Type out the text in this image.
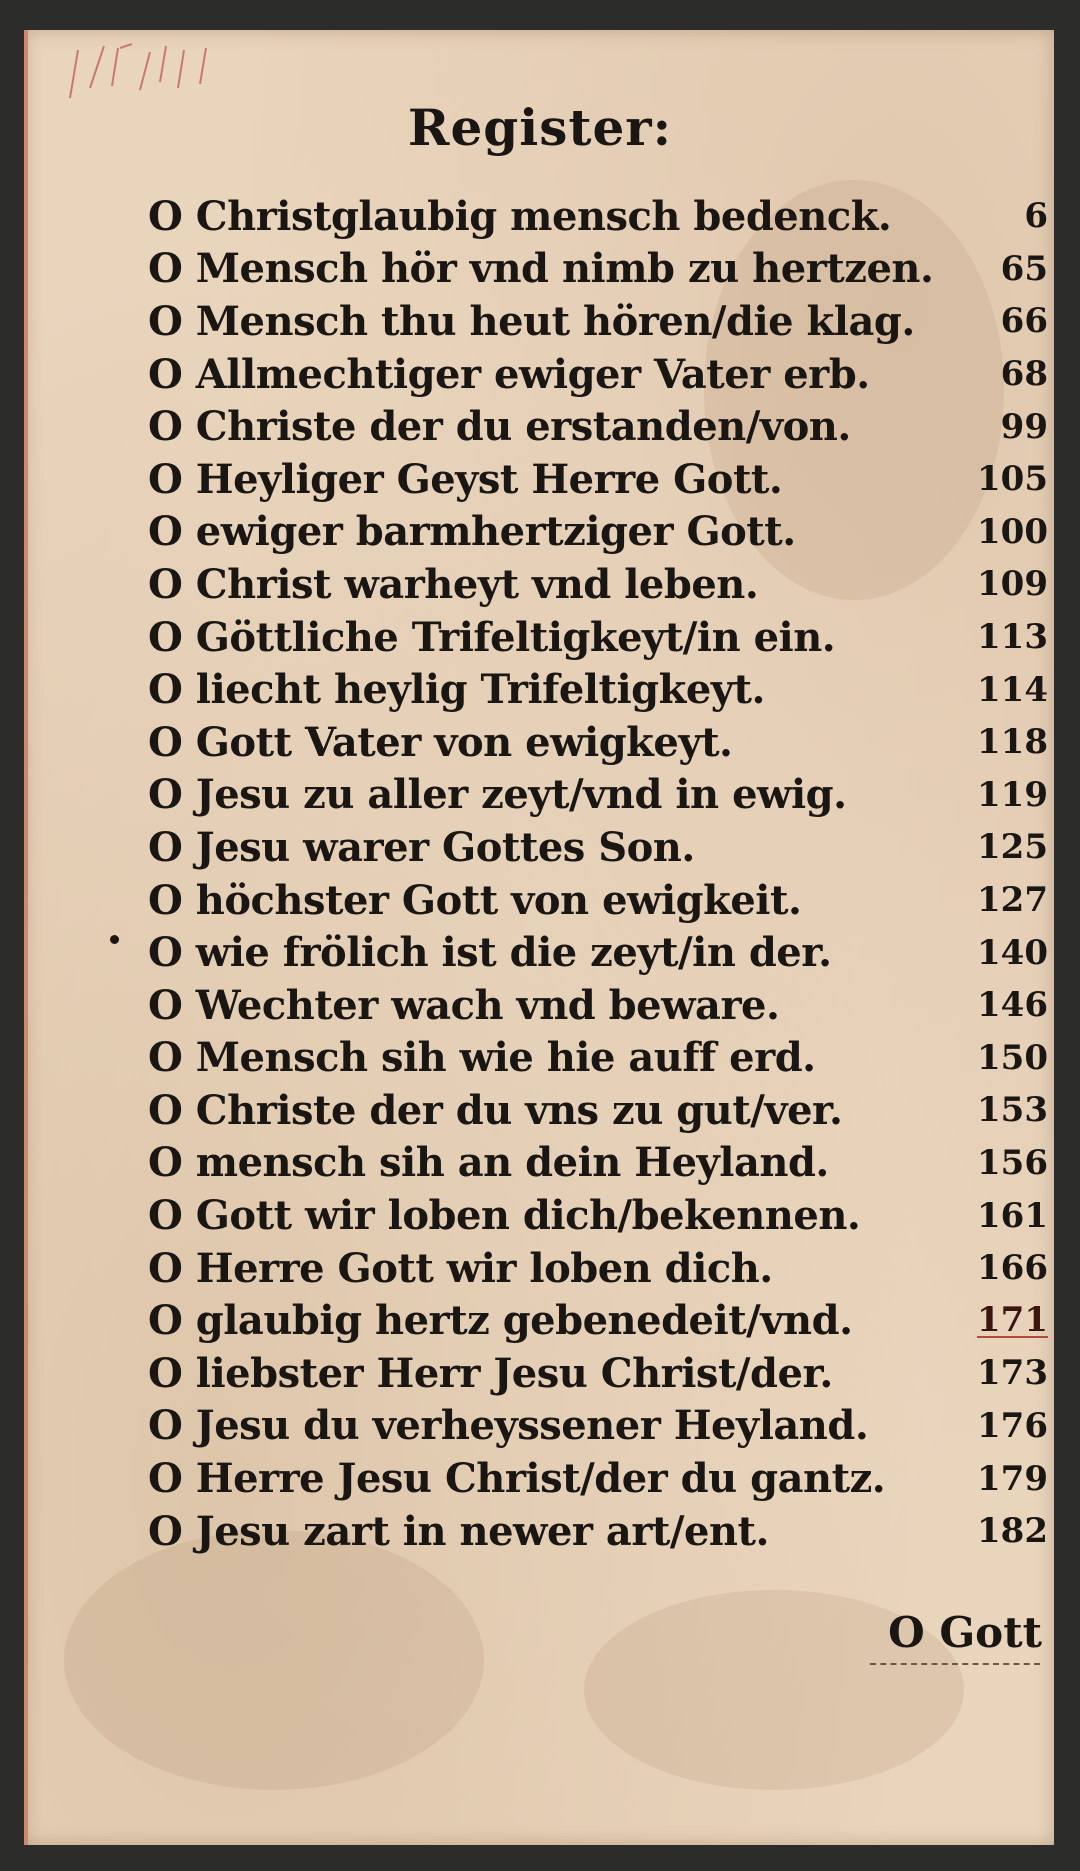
Register:
O Christglaubig mensch bedenck.	6
O Mensch hör vnd nimb zu hertzen. 65
O Mensch thu heut hören/die klag.	66
O Allmechtiger ewiger Vater erb.	68
O Christe der du erstanden/von.	99
O Heyliger Geyst Herre Gott.	105
O ewiger barmhertziger Gott.	100
O Christ warheyt vnd leben.	109
O Göttliche Trifeltigkeyt/in ein.	113
O liecht heylig Trifeltigkeyt.	114
O Gott Vater von ewigkeyt.	118
O Jesu zu aller zeyt/vnd in ewig.	119
O Jesu warer Gottes Son.	125
O höchster Gott von ewigkeit.	127
O wie frölich ist die zeyt/in der.	140
O Wechter wach vnd beware.	146
O Mensch sih wie hie auff erd.	150
O Christe der du vns zu gut/ver.	153
O mensch sih an dein Heyland.	156
O Gott wir loben dich/bekennen.	161
O Herre Gott wir loben dich.	166
O glaubig hertz gebenedeit/vnd.	171
O liebster Herr Jesu Christ/der.	173
O Jesu du verheyssener Heyland.	176
O Herre Jesu Christ/der du gantz.	179
O Jesu zart in newer art/ent.	182
O Gott
